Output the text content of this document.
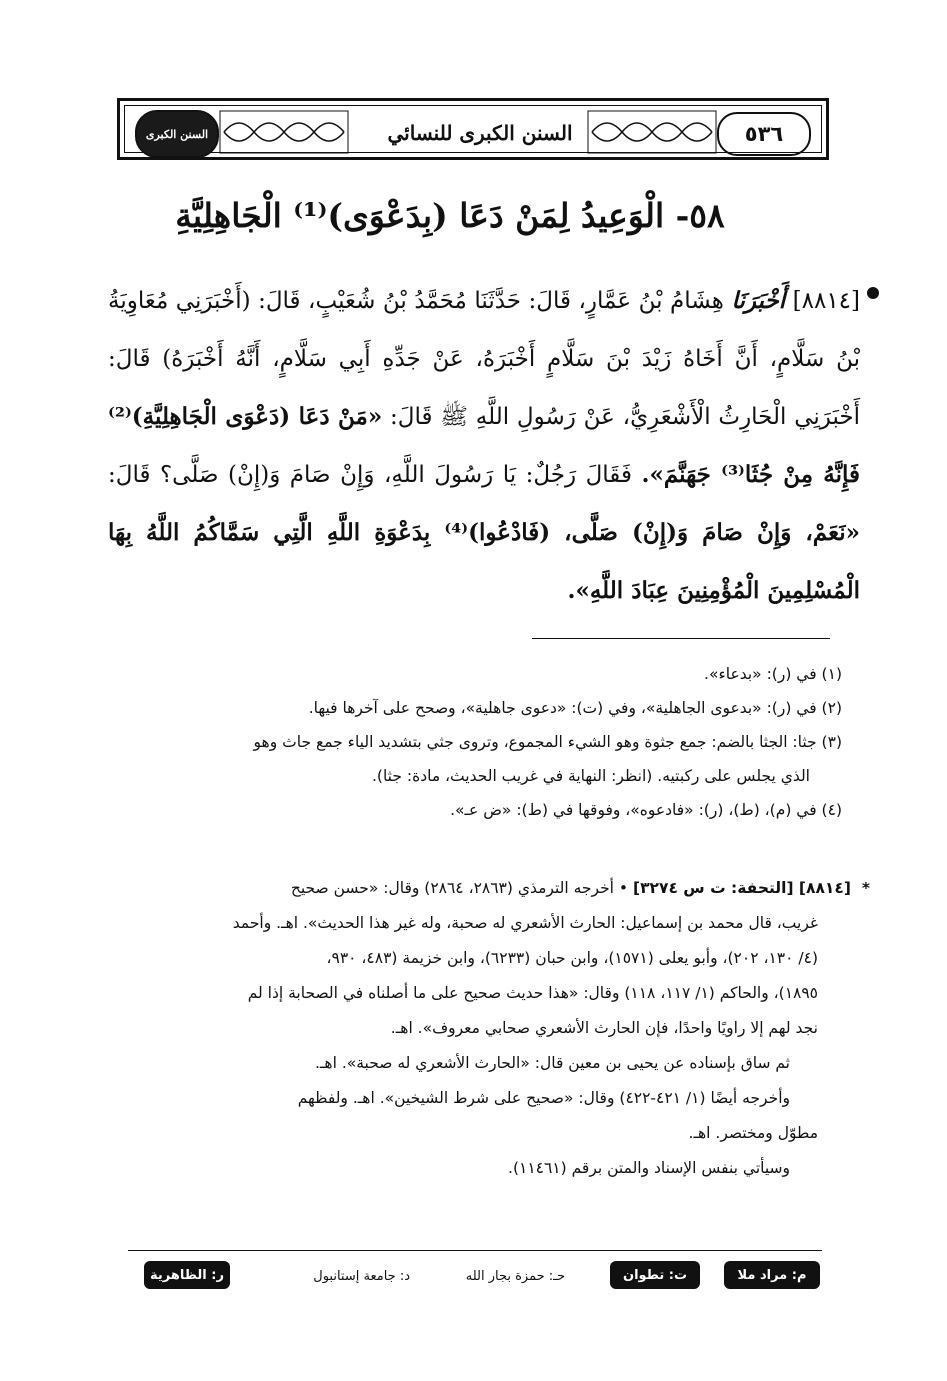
٥٣٦
السنن الكبرى للنسائي
السنن الكبرى
٥٨- الْوَعِيدُ لِمَنْ دَعَا (بِدَعْوَى)⁽¹⁾ الْجَاهِلِيَّةِ
[٨٨١٤] أَخْبَرَنَا هِشَامُ بْنُ عَمَّارٍ، قَالَ: حَدَّثَنَا مُحَمَّدُ بْنُ شُعَيْبٍ، قَالَ: (أَخْبَرَنِي مُعَاوِيَةُ بْنُ سَلَّامٍ، أَنَّ أَخَاهُ زَيْدَ بْنَ سَلَّامٍ أَخْبَرَهُ، عَنْ جَدِّهِ أَبِي سَلَّامٍ، أَنَّهُ أَخْبَرَهُ) قَالَ: أَخْبَرَنِي الْحَارِثُ الْأَشْعَرِيُّ، عَنْ رَسُولِ اللَّهِ ﷺ قَالَ: «مَنْ دَعَا (دَعْوَى الْجَاهِلِيَّةِ)⁽²⁾ فَإِنَّهُ مِنْ جُثَا⁽³⁾ جَهَنَّمَ». فَقَالَ رَجُلٌ: يَا رَسُولَ اللَّهِ، وَإِنْ صَامَ وَ(إِنْ) صَلَّى؟ قَالَ: «نَعَمْ، وَإِنْ صَامَ وَ(إِنْ) صَلَّى، (فَادْعُوا)⁽⁴⁾ بِدَعْوَةِ اللَّهِ الَّتِي سَمَّاكُمُ اللَّهُ بِهَا الْمُسْلِمِينَ الْمُؤْمِنِينَ عِبَادَ اللَّهِ».

(١) في (ر): «بدعاء».

(٢) في (ر): «بدعوى الجاهلية»، وفي (ت): «دعوى جاهلية»، وصحح على آخرها فيها.

(٣) جثا: الجثا بالضم: جمع جثوة وهو الشيء المجموع، وتروى جثي بتشديد الياء جمع جاث وهو

الذي يجلس على ركبتيه. (انظر: النهاية في غريب الحديث، مادة: جثا).

(٤) في (م)، (ط)، (ر): «فادعوه»، وفوقها في (ط): «ض عـ».

* [٨٨١٤] [التحفة: ت س ٣٢٧٤] • أخرجه الترمذي (٢٨٦٣، ٢٨٦٤) وقال: «حسن صحيح

غريب، قال محمد بن إسماعيل: الحارث الأشعري له صحبة، وله غير هذا الحديث». اهـ. وأحمد

(٤/ ١٣٠، ٢٠٢)، وأبو يعلى (١٥٧١)، وابن حبان (٦٢٣٣)، وابن خزيمة (٤٨٣، ٩٣٠،

١٨٩٥)، والحاكم (١/ ١١٧، ١١٨) وقال: «هذا حديث صحيح على ما أصلناه في الصحابة إذا لم

نجد لهم إلا راويًا واحدًا، فإن الحارث الأشعري صحابي معروف». اهـ.

ثم ساق بإسناده عن يحيى بن معين قال: «الحارث الأشعري له صحبة». اهـ.

وأخرجه أيضًا (١/ ٤٢١-٤٢٢) وقال: «صحيح على شرط الشيخين». اهـ. ولفظهم

مطوّل ومختصر. اهـ.

وسيأتي بنفس الإسناد والمتن برقم (١١٤٦١).

م: مراد ملا
ت: تطوان
حـ: حمزة بجار الله
د: جامعة إستانبول
ر: الظاهرية
